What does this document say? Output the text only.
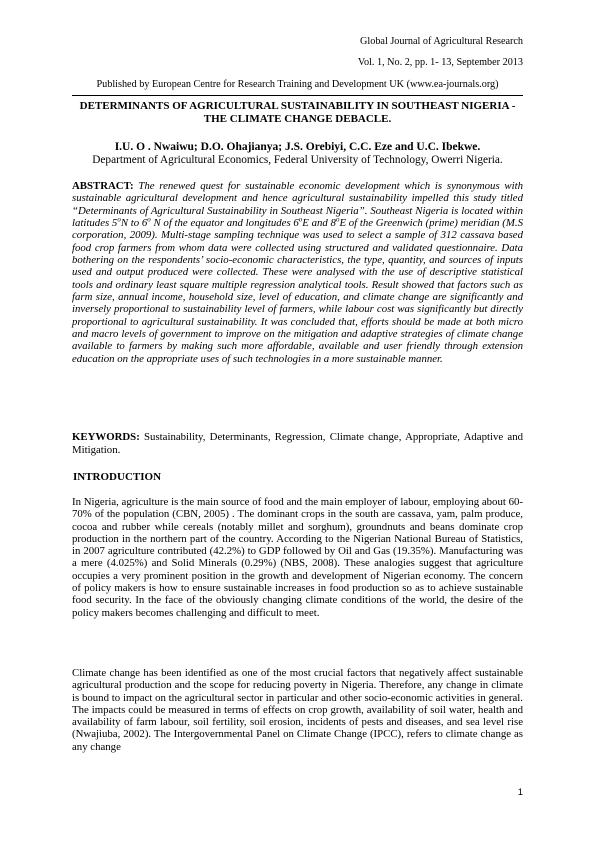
Global Journal of Agricultural Research
Vol. 1, No. 2, pp. 1- 13, September 2013
Published by European Centre for Research Training and Development UK (www.ea-journals.org)
DETERMINANTS OF AGRICULTURAL SUSTAINABILITY IN SOUTHEAST NIGERIA -THE CLIMATE CHANGE DEBACLE.
I.U. O . Nwaiwu; D.O. Ohajianya; J.S. Orebiyi, C.C. Eze and U.C. Ibekwe.
Department of Agricultural Economics, Federal University of Technology, Owerri Nigeria.
ABSTRACT: The renewed quest for sustainable economic development which is synonymous with sustainable agricultural development and hence agricultural sustainability impelled this study titled “Determinants of Agricultural Sustainability in Southeast Nigeria”. Southeast Nigeria is located within latitudes 5$^o$N to 6$^o$ N of the equator and longitudes 6$^o$E and 8$^o$E of the Greenwich (prime) meridian (M.S corporation, 2009). Multi-stage sampling technique was used to select a sample of 312 cassava based food crop farmers from whom data were collected using structured and validated questionnaire. Data bothering on the respondents’ socio-economic characteristics, the type, quantity, and sources of inputs used and output produced were collected. These were analysed with the use of descriptive statistical tools and ordinary least square multiple regression analytical tools. Result showed that factors such as farm size, annual income, household size, level of education, and climate change are significantly and inversely proportional to sustainability level of farmers, while labour cost was significantly but directly proportional to agricultural sustainability. It was concluded that, efforts should be made at both micro and macro levels of government to improve on the mitigation and adaptive strategies of climate change available to farmers by making such more affordable, available and user friendly through extension education on the appropriate uses of such technologies in a more sustainable manner.
KEYWORDS: Sustainability, Determinants, Regression, Climate change, Appropriate, Adaptive and Mitigation.
INTRODUCTION
In Nigeria, agriculture is the main source of food and the main employer of labour, employing about 60-70% of the population (CBN, 2005) . The dominant crops in the south are cassava, yam, palm produce, cocoa and rubber while cereals (notably millet and sorghum), groundnuts and beans dominate crop production in the northern part of the country. According to the Nigerian National Bureau of Statistics, in 2007 agriculture contributed (42.2%) to GDP followed by Oil and Gas (19.35%). Manufacturing was a mere (4.025%) and Solid Minerals (0.29%) (NBS, 2008). These analogies suggest that agriculture occupies a very prominent position in the growth and development of Nigerian economy. The concern of policy makers is how to ensure sustainable increases in food production so as to achieve sustainable food security. In the face of the obviously changing climate conditions of the world, the desire of the policy makers becomes challenging and difficult to meet.
Climate change has been identified as one of the most crucial factors that negatively affect sustainable agricultural production and the scope for reducing poverty in Nigeria. Therefore, any change in climate is bound to impact on the agricultural sector in particular and other socio-economic activities in general. The impacts could be measured in terms of effects on crop growth, availability of soil water, health and availability of farm labour, soil fertility, soil erosion, incidents of pests and diseases, and sea level rise (Nwajiuba, 2002). The Intergovernmental Panel on Climate Change (IPCC), refers to climate change as any change
1
